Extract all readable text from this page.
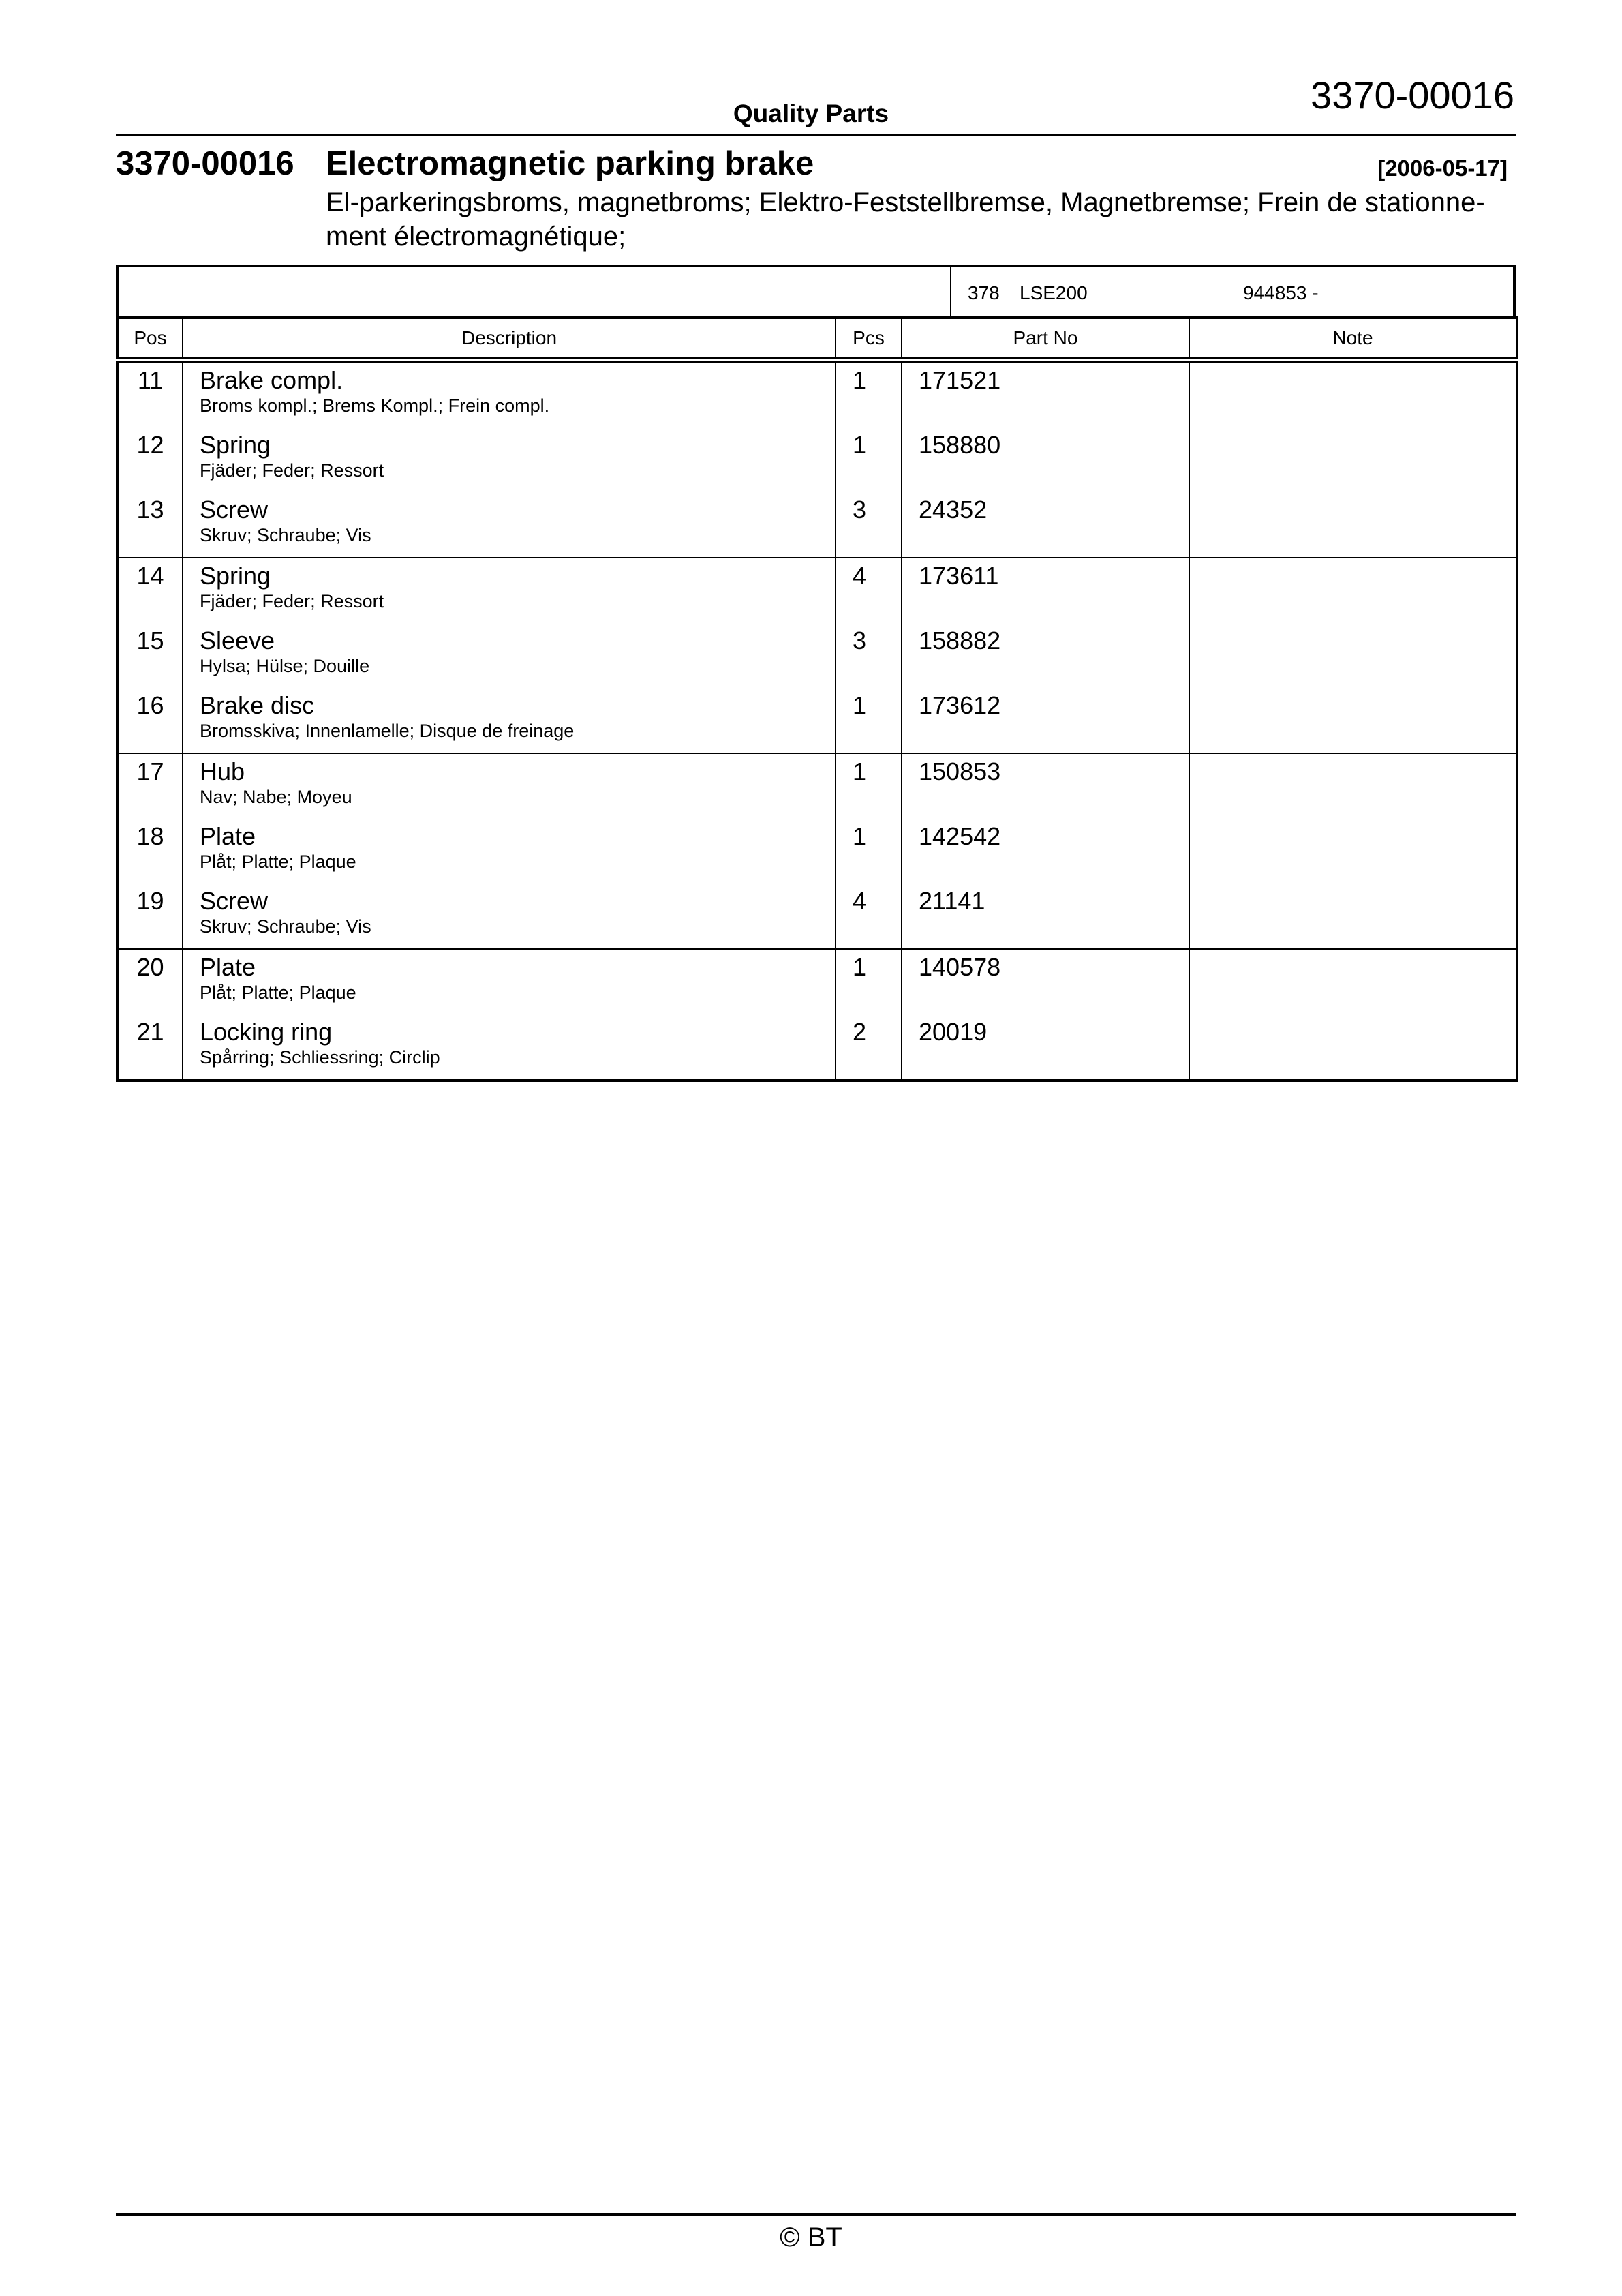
3370-00016
Quality Parts
3370-00016 Electromagnetic parking brake	[2006-05-17]
El-parkeringsbroms, magnetbroms; Elektro-Feststellbremse, Magnetbremse; Frein de stationne-ment électromagnétique;
378 LSE200	944853 -
Pos	Description	Pcs	Part No	Note
11	Brake compl.
Broms kompl.; Brems Kompl.; Frein compl.	1	171521	
12	Spring
Fjäder; Feder; Ressort	1	158880	
13	Screw
Skruv; Schraube; Vis	3	24352	
14	Spring
Fjäder; Feder; Ressort	4	173611	
15	Sleeve
Hylsa; Hülse; Douille	3	158882	
16	Brake disc
Bromsskiva; Innenlamelle; Disque de freinage	1	173612	
17	Hub
Nav; Nabe; Moyeu	1	150853	
18	Plate
Plåt; Platte; Plaque	1	142542	
19	Screw
Skruv; Schraube; Vis	4	21141	
20	Plate
Plåt; Platte; Plaque	1	140578	
21	Locking ring
Spårring; Schliessring; Circlip	2	20019	
© BT
